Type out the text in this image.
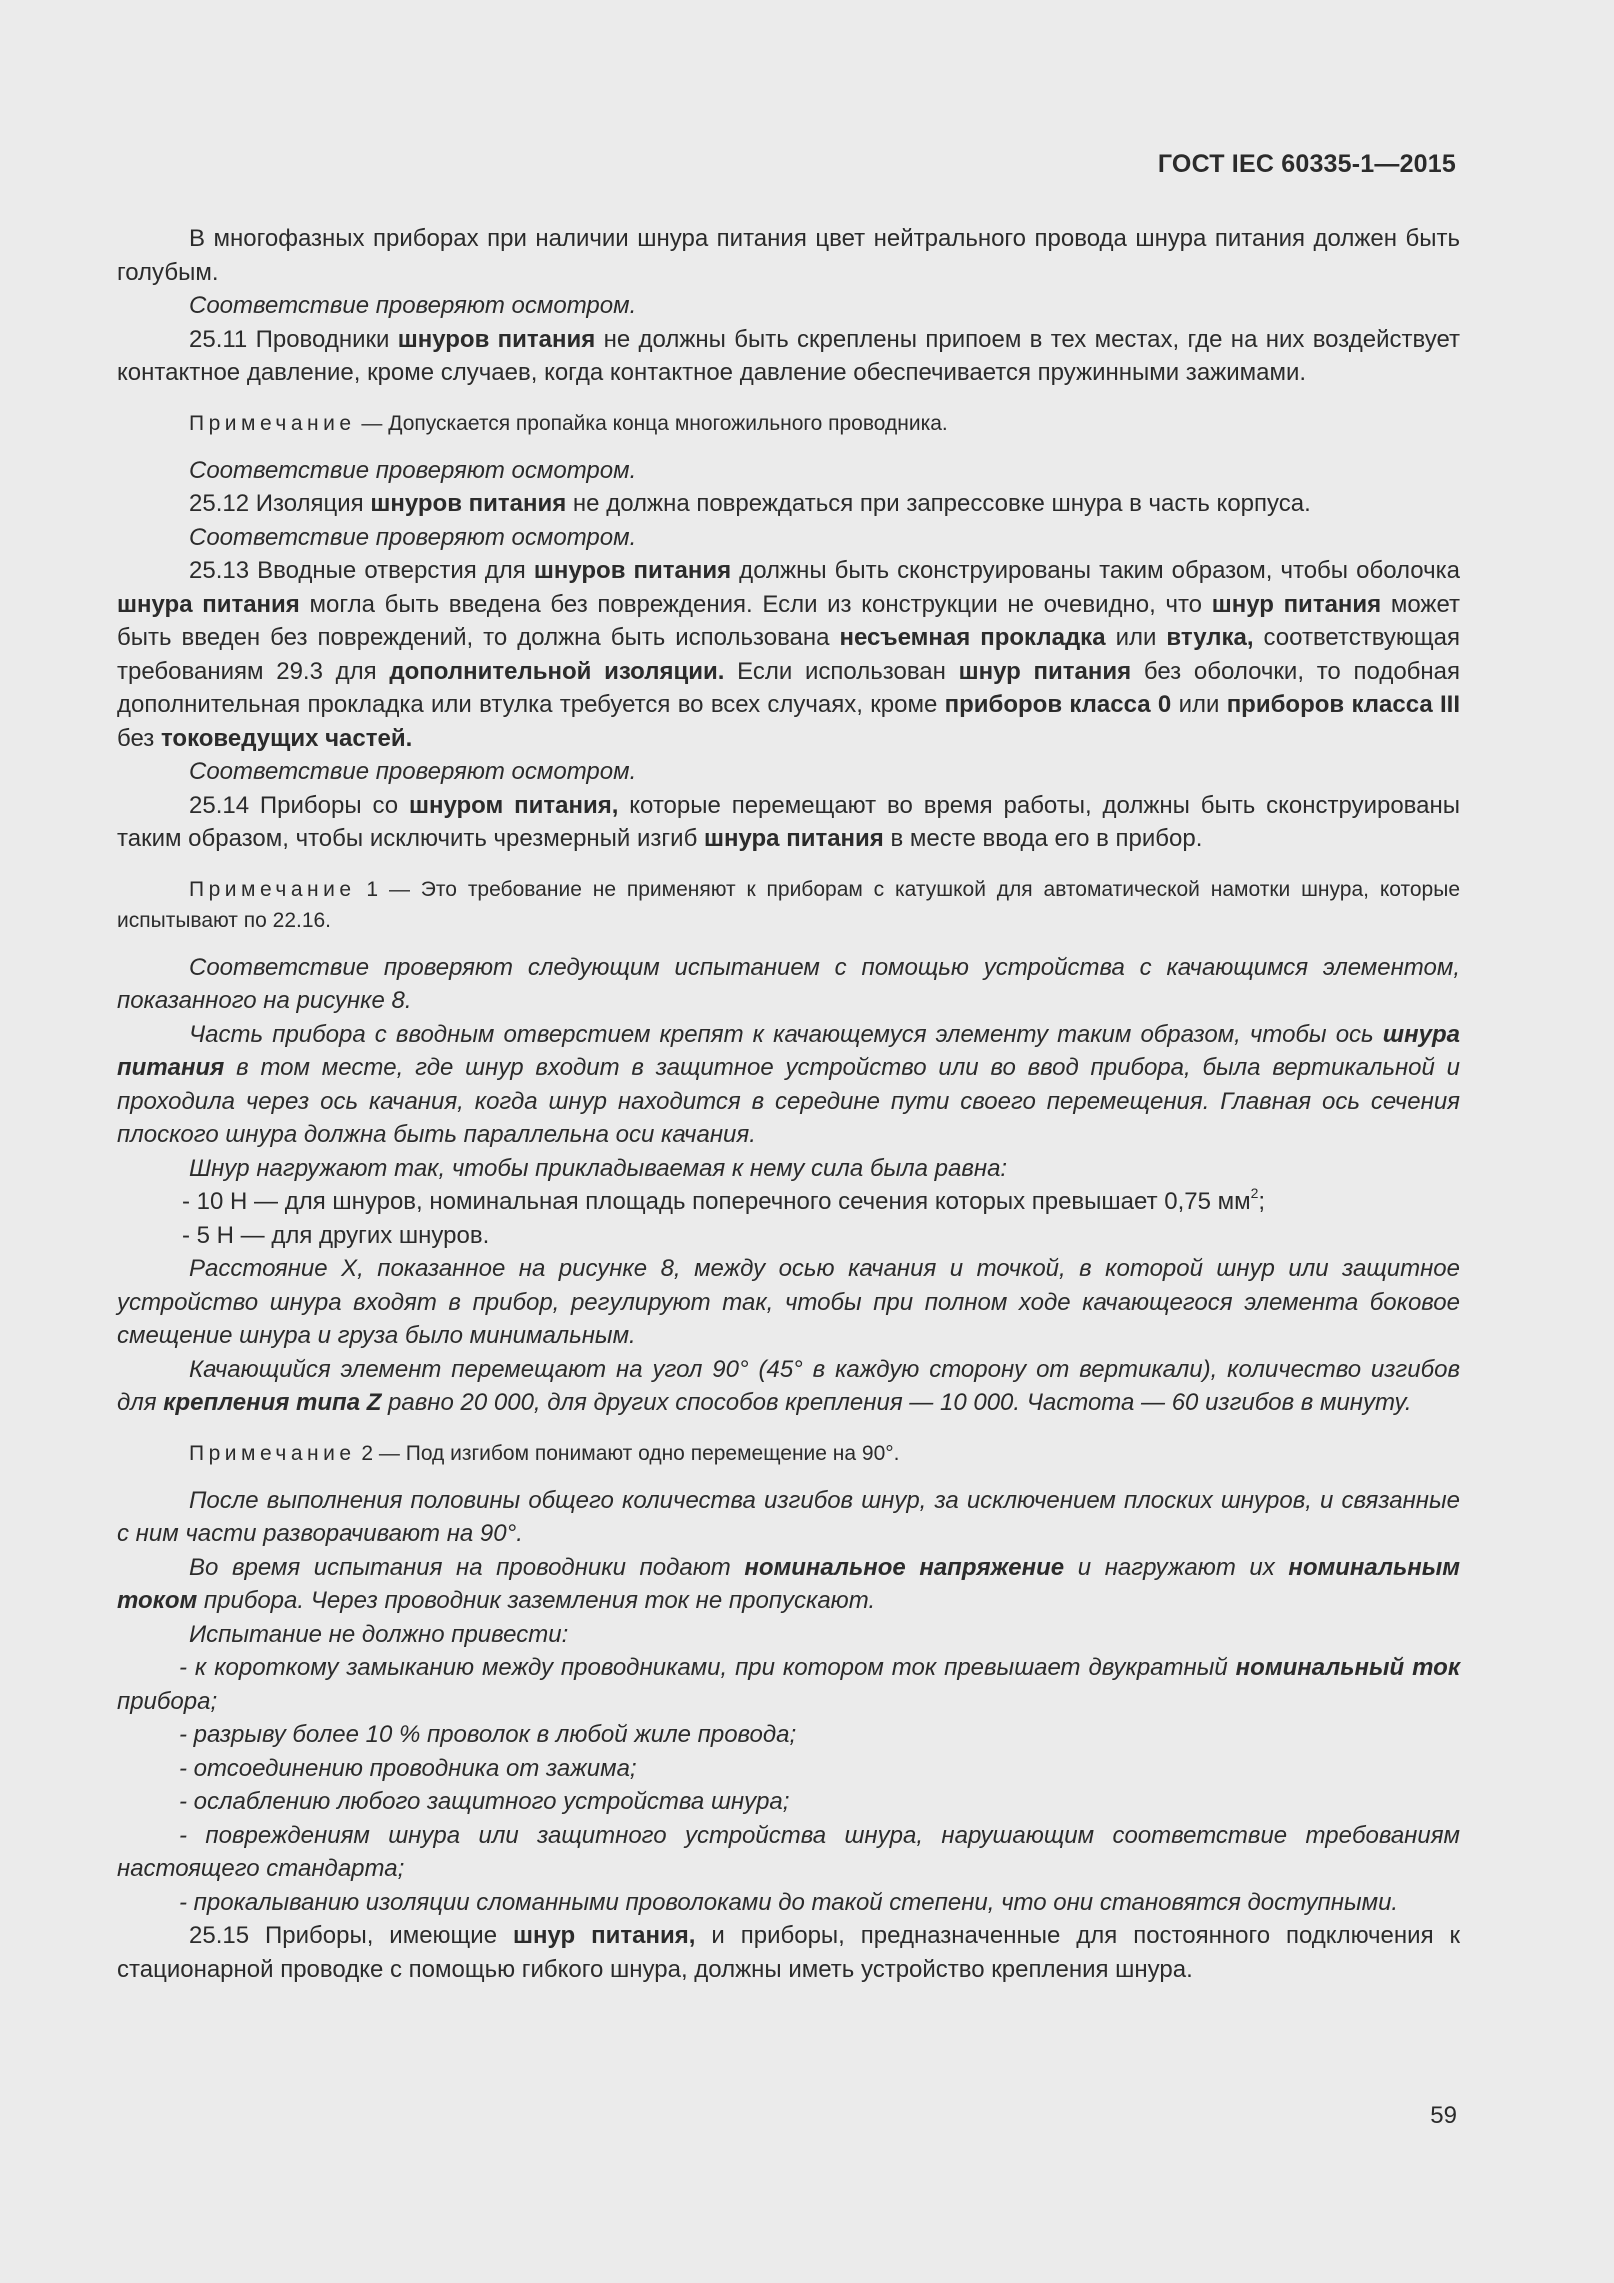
ГОСТ IEC 60335-1—2015

В многофазных приборах при наличии шнура питания цвет нейтрального провода шнура питания должен быть голубым.

Соответствие проверяют осмотром.

25.11 Проводники шнуров питания не должны быть скреплены припоем в тех местах, где на них воздействует контактное давление, кроме случаев, когда контактное давление обеспечивается пружинными зажимами.

Примечание — Допускается пропайка конца многожильного проводника.

Соответствие проверяют осмотром.

25.12 Изоляция шнуров питания не должна повреждаться при запрессовке шнура в часть корпуса.

Соответствие проверяют осмотром.

25.13 Вводные отверстия для шнуров питания должны быть сконструированы таким образом, чтобы оболочка шнура питания могла быть введена без повреждения. Если из конструкции не очевидно, что шнур питания может быть введен без повреждений, то должна быть использована несъемная прокладка или втулка, соответствующая требованиям 29.3 для дополнительной изоляции. Если использован шнур питания без оболочки, то подобная дополнительная прокладка или втулка требуется во всех случаях, кроме приборов класса 0 или приборов класса III без токоведущих частей.

Соответствие проверяют осмотром.

25.14 Приборы со шнуром питания, которые перемещают во время работы, должны быть сконструированы таким образом, чтобы исключить чрезмерный изгиб шнура питания в месте ввода его в прибор.

Примечание 1 — Это требование не применяют к приборам с катушкой для автоматической намотки шнура, которые испытывают по 22.16.

Соответствие проверяют следующим испытанием с помощью устройства с качающимся элементом, показанного на рисунке 8.

Часть прибора с вводным отверстием крепят к качающемуся элементу таким образом, чтобы ось шнура питания в том месте, где шнур входит в защитное устройство или во ввод прибора, была вертикальной и проходила через ось качания, когда шнур находится в середине пути своего перемещения. Главная ось сечения плоского шнура должна быть параллельна оси качания.

Шнур нагружают так, чтобы прикладываемая к нему сила была равна:

- 10 Н — для шнуров, номинальная площадь поперечного сечения которых превышает 0,75 $мм^2$;

- 5 Н — для других шнуров.

Расстояние X, показанное на рисунке 8, между осью качания и точкой, в которой шнур или защитное устройство шнура входят в прибор, регулируют так, чтобы при полном ходе качающегося элемента боковое смещение шнура и груза было минимальным.

Качающийся элемент перемещают на угол 90° (45° в каждую сторону от вертикали), количество изгибов для крепления типа Z равно 20 000, для других способов крепления — 10 000. Частота — 60 изгибов в минуту.

Примечание 2 — Под изгибом понимают одно перемещение на 90°.

После выполнения половины общего количества изгибов шнур, за исключением плоских шнуров, и связанные с ним части разворачивают на 90°.

Во время испытания на проводники подают номинальное напряжение и нагружают их номинальным током прибора. Через проводник заземления ток не пропускают.

Испытание не должно привести:

- к короткому замыканию между проводниками, при котором ток превышает двукратный номинальный ток прибора;

- разрыву более 10 % проволок в любой жиле провода;

- отсоединению проводника от зажима;

- ослаблению любого защитного устройства шнура;

- повреждениям шнура или защитного устройства шнура, нарушающим соответствие требованиям настоящего стандарта;

- прокалыванию изоляции сломанными проволоками до такой степени, что они становятся доступными.

25.15 Приборы, имеющие шнур питания, и приборы, предназначенные для постоянного подключения к стационарной проводке с помощью гибкого шнура, должны иметь устройство крепления шнура.

59
